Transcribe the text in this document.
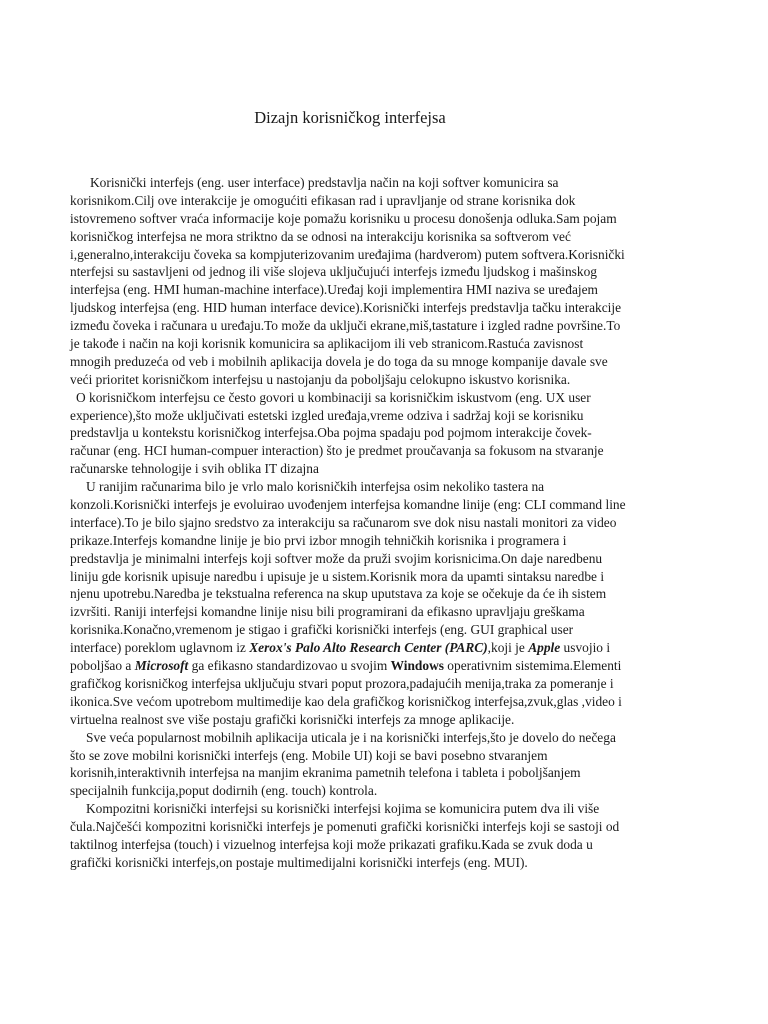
Dizajn korisničkog interfejsa
Korisnički interfejs (eng. user interface) predstavlja način na koji softver komunicira sa
korisnikom.Cilj ove interakcije je omogućiti efikasan rad i upravljanje od strane korisnika dok
istovremeno softver vraća informacije koje pomažu korisniku u procesu donošenja odluka.Sam pojam
korisničkog interfejsa ne mora striktno da se odnosi na interakciju korisnika sa softverom već
i,generalno,interakciju čoveka sa kompjuterizovanim uređajima (hardverom) putem softvera.Korisnički
nterfejsi su sastavljeni od jednog ili više slojeva uključujući interfejs između ljudskog i mašinskog
interfejsa (eng. HMI human-machine interface).Uređaj koji implementira HMI naziva se uređajem
ljudskog interfejsa (eng. HID human interface device).Korisnički interfejs predstavlja tačku interakcije
između čoveka i računara u uređaju.To može da uključi ekrane,miš,tastature i izgled radne površine.To
je takođe i način na koji korisnik komunicira sa aplikacijom ili veb stranicom.Rastuća zavisnost
mnogih preduzeća od veb i mobilnih aplikacija dovela je do toga da su mnoge kompanije davale sve
veći prioritet korisničkom interfejsu u nastojanju da poboljšaju celokupno iskustvo korisnika.
O korisničkom interfejsu ce često govori u kombinaciji sa korisničkim iskustvom (eng. UX user
experience),što može uključivati estetski izgled uređaja,vreme odziva i sadržaj koji se korisniku
predstavlja u kontekstu korisničkog interfejsa.Oba pojma spadaju pod pojmom interakcije čovek-
računar (eng. HCI human-compuer interaction) što je predmet proučavanja sa fokusom na stvaranje
računarske tehnologije i svih oblika IT dizajna
U ranijim računarima bilo je vrlo malo korisničkih interfejsa osim nekoliko tastera na
konzoli.Korisnički interfejs je evoluirao uvođenjem interfejsa komandne linije (eng: CLI command line
interface).To je bilo sjajno sredstvo za interakciju sa računarom sve dok nisu nastali monitori za video
prikaze.Interfejs komandne linije je bio prvi izbor mnogih tehničkih korisnika i programera i
predstavlja je minimalni interfejs koji softver može da pruži svojim korisnicima.On daje naredbenu
liniju gde korisnik upisuje naredbu i upisuje je u sistem.Korisnik mora da upamti sintaksu naredbe i
njenu upotrebu.Naredba je tekstualna referenca na skup uputstava za koje se očekuje da će ih sistem
izvršiti. Raniji interfejsi komandne linije nisu bili programirani da efikasno upravljaju greškama
korisnika.Konačno,vremenom je stigao i grafički korisnički interfejs (eng. GUI graphical user
interface) poreklom uglavnom iz Xerox's Palo Alto Research Center (PARC),koji je Apple usvojio i
poboljšao a Microsoft ga efikasno standardizovao u svojim Windows operativnim sistemima.Elementi
grafičkog korisničkog interfejsa uključuju stvari poput prozora,padajućih menija,traka za pomeranje i
ikonica.Sve većom upotrebom multimedije kao dela grafičkog korisničkog interfejsa,zvuk,glas ,video i
virtuelna realnost sve više postaju grafički korisnički interfejs za mnoge aplikacije.
Sve veća popularnost mobilnih aplikacija uticala je i na korisnički interfejs,što je dovelo do nečega
što se zove mobilni korisnički interfejs (eng. Mobile UI) koji se bavi posebno stvaranjem
korisnih,interaktivnih interfejsa na manjim ekranima pametnih telefona i tableta i poboljšanjem
specijalnih funkcija,poput dodirnih (eng. touch) kontrola.
Kompozitni korisnički interfejsi su korisnički interfejsi kojima se komunicira putem dva ili više
čula.Najčešći kompozitni korisnički interfejs je pomenuti grafički korisnički interfejs koji se sastoji od
taktilnog interfejsa (touch) i vizuelnog interfejsa koji može prikazati grafiku.Kada se zvuk doda u
grafički korisnički interfejs,on postaje multimedijalni korisnički interfejs (eng. MUI).
